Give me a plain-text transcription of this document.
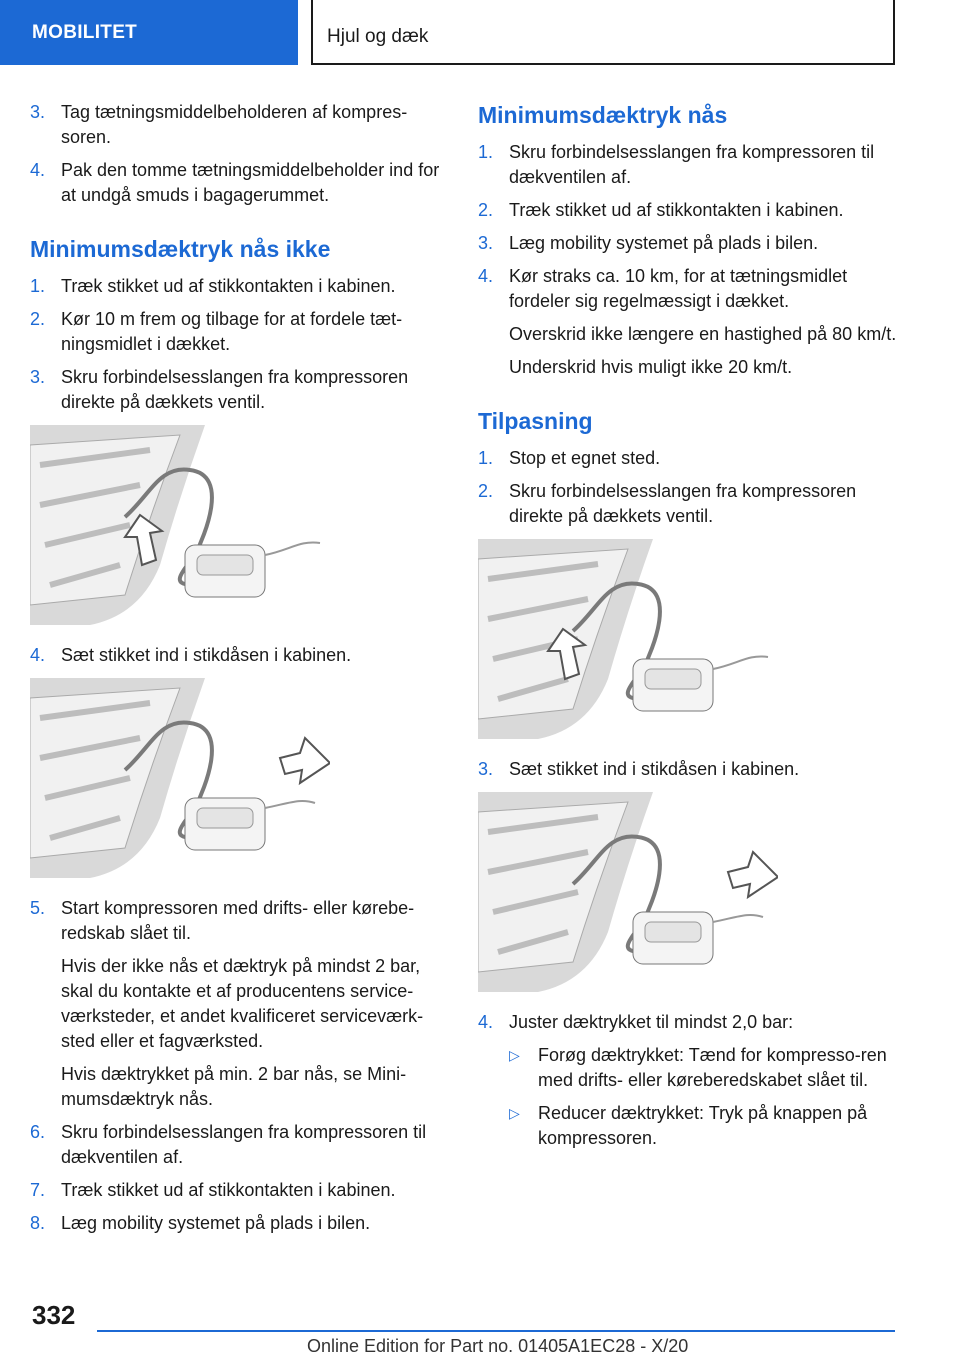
MOBILITET	Hjul og dæk
3. Tag tætningsmiddelbeholderen af kompres-soren.

4. Pak den tomme tætningsmiddelbeholder ind for at undgå smuds i bagagerummet.

Minimumsdæktryk nås ikke
1. Træk stikket ud af stikkontakten i kabinen.

2. Kør 10 m frem og tilbage for at fordele tæt-ningsmidlet i dækket.

3. Skru forbindelsesslangen fra kompressoren direkte på dækkets ventil.

4. Sæt stikket ind i stikdåsen i kabinen.

5. Start kompressoren med drifts- eller kørebe-redskab slået til.

Hvis der ikke nås et dæktryk på mindst 2 bar, skal du kontakte et af producentens service-værksteder, et andet kvalificeret serviceværk-sted eller et fagværksted.

Hvis dæktrykket på min. 2 bar nås, se Mini-mumsdæktryk nås.

6. Skru forbindelsesslangen fra kompressoren til dækventilen af.

7. Træk stikket ud af stikkontakten i kabinen.

8. Læg mobility systemet på plads i bilen.

Minimumsdæktryk nås
1. Skru forbindelsesslangen fra kompressoren til dækventilen af.

2. Træk stikket ud af stikkontakten i kabinen.

3. Læg mobility systemet på plads i bilen.

4. Kør straks ca. 10 km, for at tætningsmidlet fordeler sig regelmæssigt i dækket.

Overskrid ikke længere en hastighed på 80 km/t.

Underskrid hvis muligt ikke 20 km/t.

Tilpasning
1. Stop et egnet sted.

2. Skru forbindelsesslangen fra kompressoren direkte på dækkets ventil.

3. Sæt stikket ind i stikdåsen i kabinen.

4. Juster dæktrykket til mindst 2,0 bar:

▷ Forøg dæktrykket: Tænd for kompresso-ren med drifts- eller køreberedskabet slået til.

▷ Reducer dæktrykket: Tryk på knappen på kompressoren.

332
Online Edition for Part no. 01405A1EC28 - X/20
